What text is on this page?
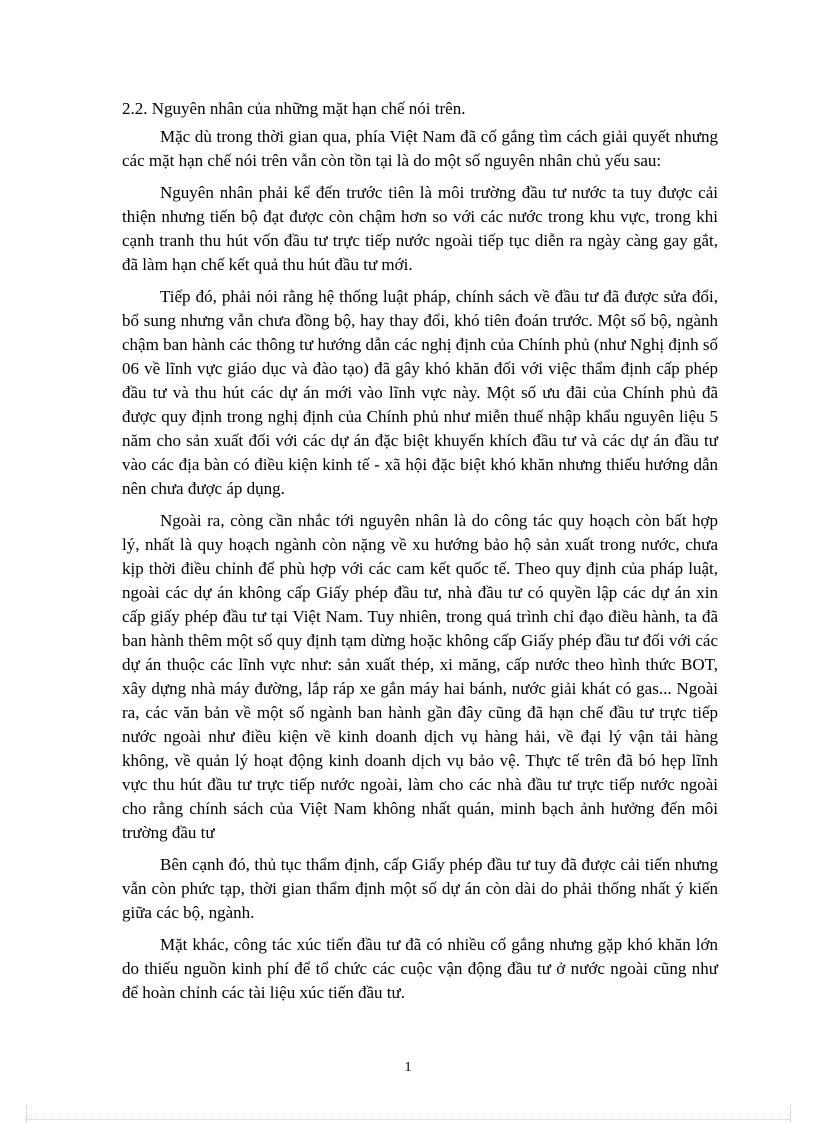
2.2. Nguyên nhân của những mặt hạn chế nói trên.

Mặc dù trong thời gian qua, phía Việt Nam đã cố gắng tìm cách giải quyết nhưng các mặt hạn chế nói trên vẫn còn tồn tại là do một số nguyên nhân chủ yếu sau:

Nguyên nhân phải kể đến trước tiên là môi trường đầu tư nước ta tuy được cải thiện nhưng tiến bộ đạt được còn chậm hơn so với các nước trong khu vực, trong khi cạnh tranh thu hút vốn đầu tư trực tiếp nước ngoài tiếp tục diễn ra ngày càng gay gắt, đã làm hạn chế kết quả thu hút đầu tư mới.

Tiếp đó, phải nói rằng hệ thống luật pháp, chính sách về đầu tư đã được sửa đổi, bổ sung nhưng vẫn chưa đồng bộ, hay thay đổi, khó tiên đoán trước. Một số bộ, ngành chậm ban hành các thông tư hướng dẫn các nghị định của Chính phủ (như Nghị định số 06 về lĩnh vực giáo dục và đào tạo) đã gây khó khăn đối với việc thẩm định cấp phép đầu tư và thu hút các dự án mới vào lĩnh vực này. Một số ưu đãi của Chính phủ đã được quy định trong nghị định của Chính phủ như miễn thuế nhập khẩu nguyên liệu 5 năm cho sản xuất đối với các dự án đặc biệt khuyến khích đầu tư và các dự án đầu tư vào các địa bàn có điều kiện kinh tế - xã hội đặc biệt khó khăn nhưng thiếu hướng dẫn nên chưa được áp dụng.

Ngoài ra, còng cần nhắc tới nguyên nhân là do công tác quy hoạch còn bất hợp lý, nhất là quy hoạch ngành còn nặng về xu hướng bảo hộ sản xuất trong nước, chưa kịp thời điều chỉnh để phù hợp với các cam kết quốc tế. Theo quy định của pháp luật, ngoài các dự án không cấp Giấy phép đầu tư, nhà đầu tư có quyền lập các dự án xin cấp giấy phép đầu tư tại Việt Nam. Tuy nhiên, trong quá trình chỉ đạo điều hành, ta đã ban hành thêm một số quy định tạm dừng hoặc không cấp Giấy phép đầu tư đối với các dự án thuộc các lĩnh vực như: sản xuất thép, xi măng, cấp nước theo hình thức BOT, xây dựng nhà máy đường, lắp ráp xe gắn máy hai bánh, nước giải khát có gas... Ngoài ra, các văn bản về một số ngành ban hành gần đây cũng đã hạn chế đầu tư trực tiếp nước ngoài như điều kiện về kinh doanh dịch vụ hàng hải, về đại lý vận tải hàng không, về quản lý hoạt động kinh doanh dịch vụ bảo vệ. Thực tế trên đã bó hẹp lĩnh vực thu hút đầu tư trực tiếp nước ngoài, làm cho các nhà đầu tư trực tiếp nước ngoài cho rằng chính sách của Việt Nam không nhất quán, minh bạch ảnh hưởng đến môi trường đầu tư

Bên cạnh đó, thủ tục thẩm định, cấp Giấy phép đầu tư tuy đã được cải tiến nhưng vẫn còn phức tạp, thời gian thẩm định một số dự án còn dài do phải thống nhất ý kiến giữa các bộ, ngành.

Mặt khác, công tác xúc tiến đầu tư đã có nhiều cố gắng nhưng gặp khó khăn lớn do thiếu nguồn kinh phí để tổ chức các cuộc vận động đầu tư ở nước ngoài cũng như để hoàn chỉnh các tài liệu xúc tiến đầu tư.

1
